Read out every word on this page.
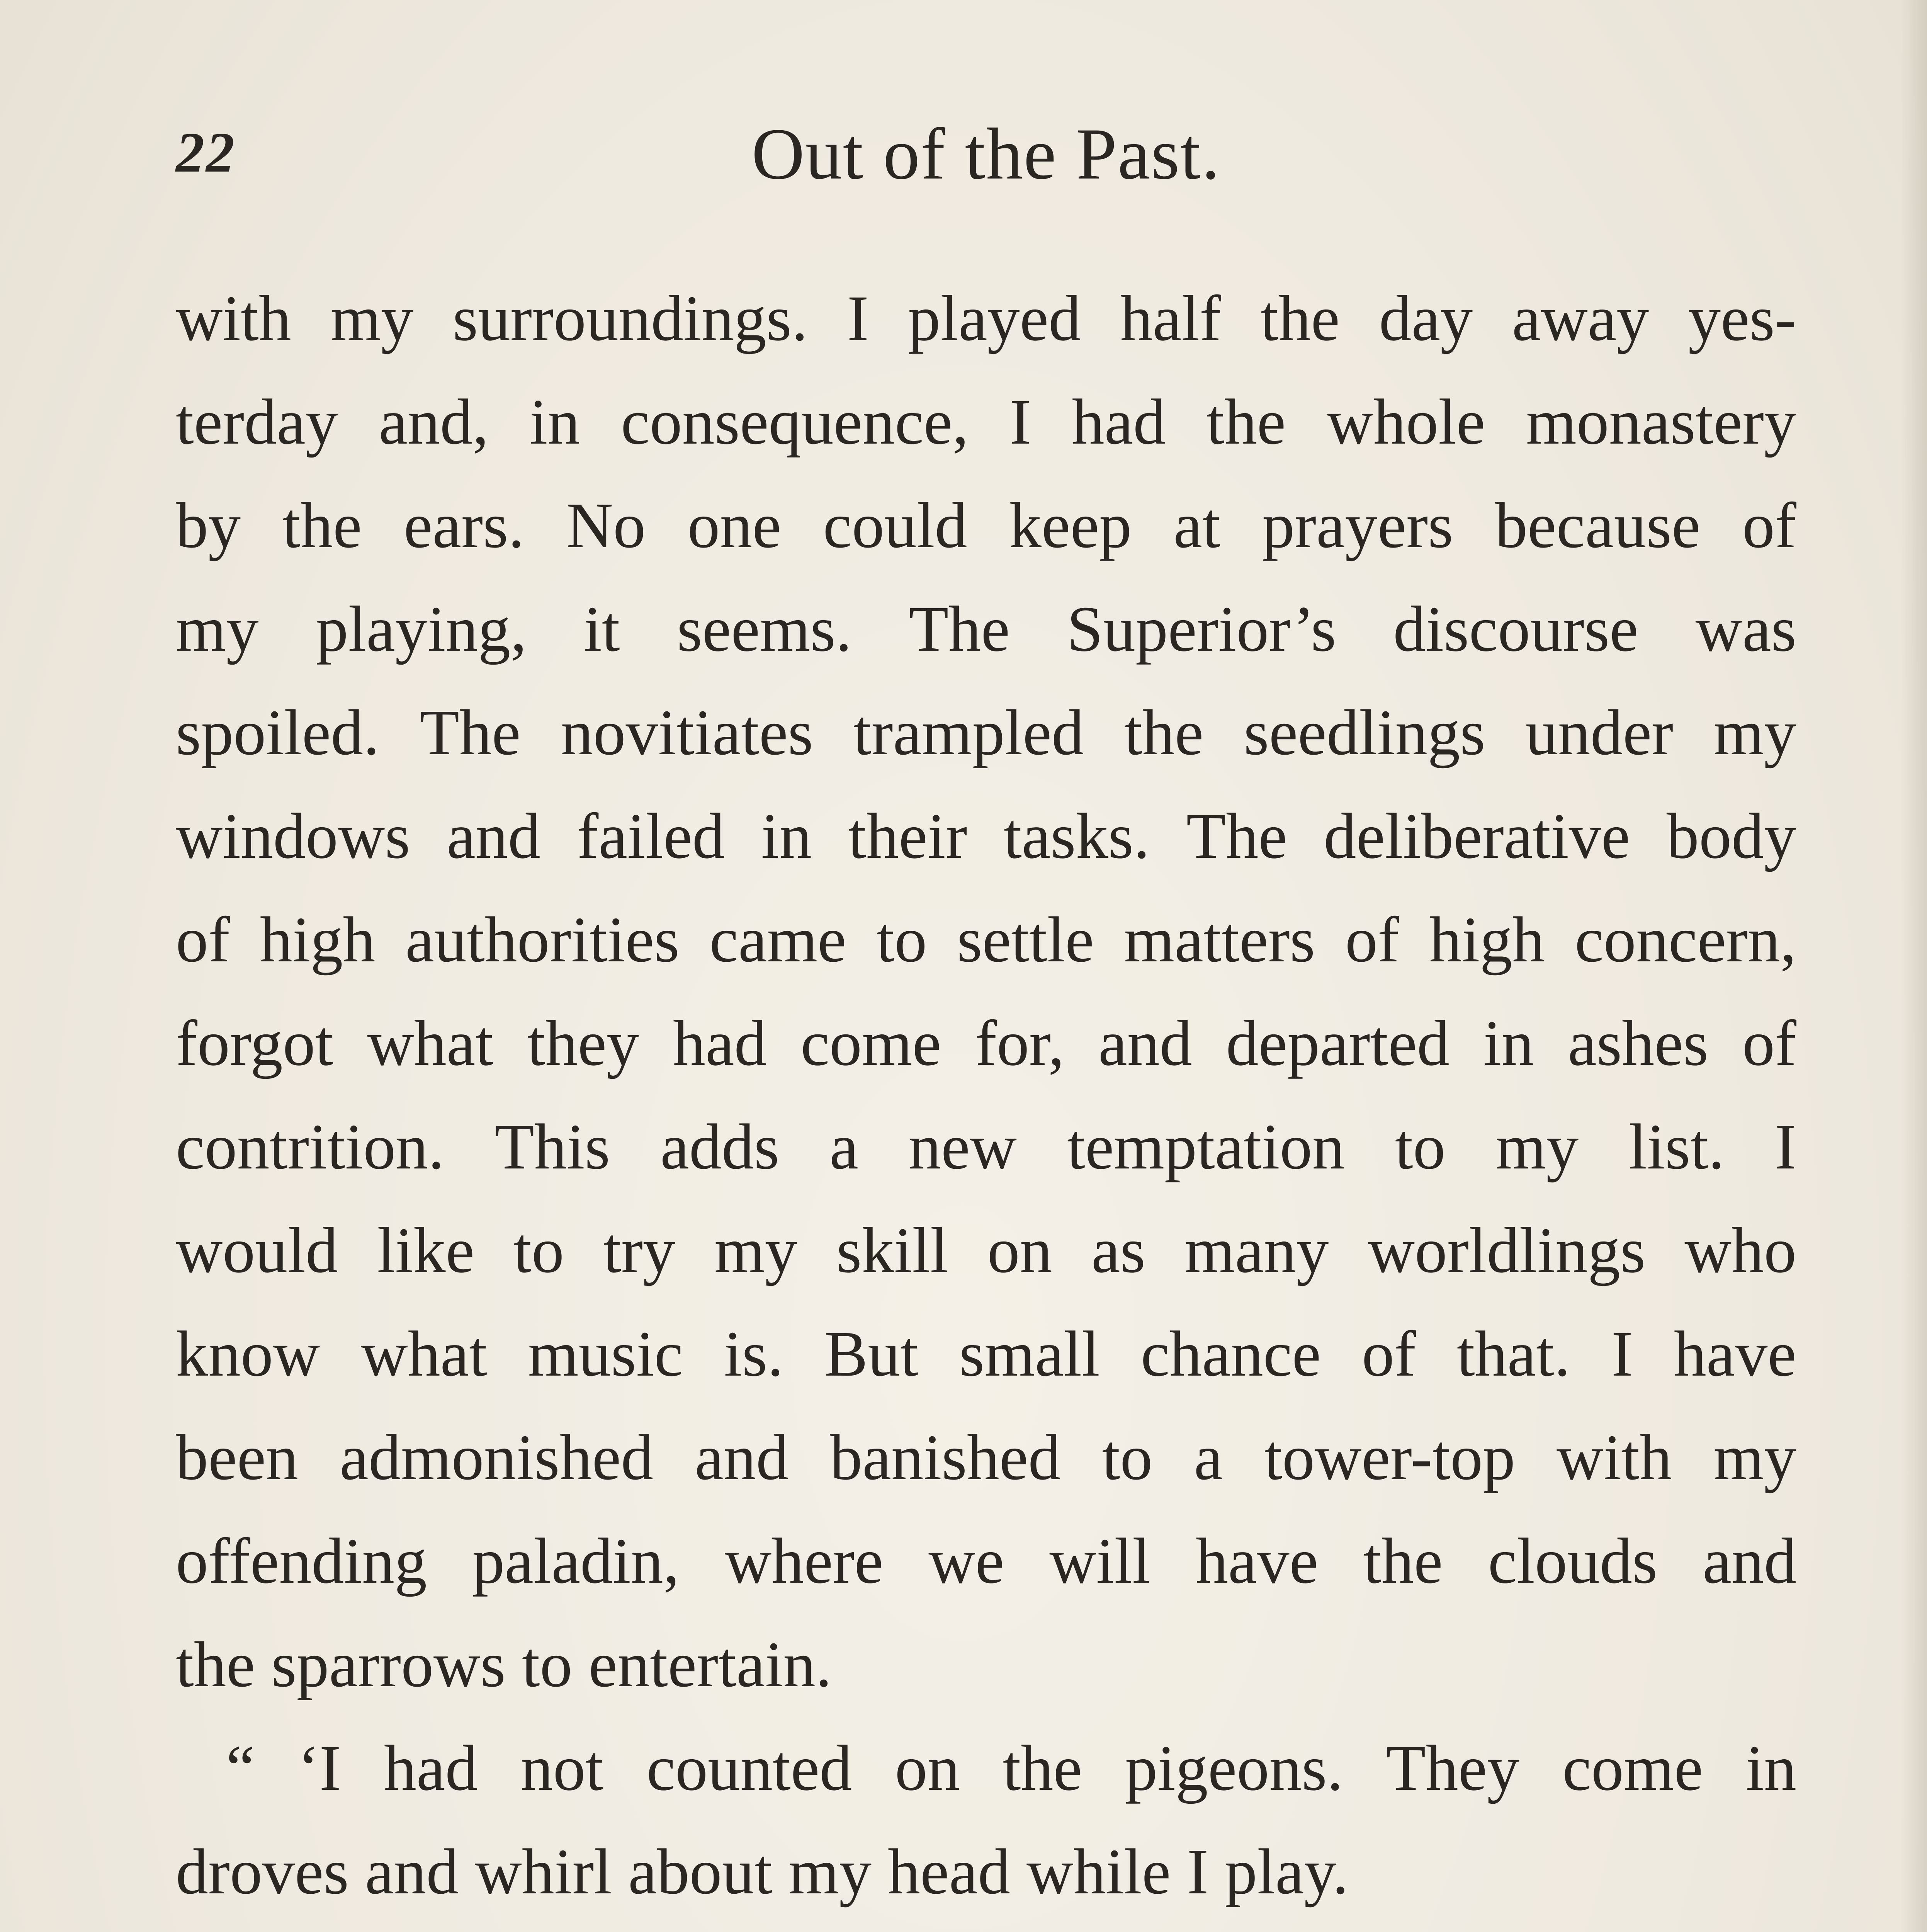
22	Out of the Past.
with my surroundings. I played half the day away yes-
terday and, in consequence, I had the whole monastery
by the ears. No one could keep at prayers because of
my playing, it seems. The Superior’s discourse was
spoiled. The novitiates trampled the seedlings under my
windows and failed in their tasks. The deliberative body
of high authorities came to settle matters of high concern,
forgot what they had come for, and departed in ashes of
contrition. This adds a new temptation to my list. I
would like to try my skill on as many worldlings who
know what music is. But small chance of that. I have
been admonished and banished to a tower-top with my
offending paladin, where we will have the clouds and
the sparrows to entertain.
“ ‘I had not counted on the pigeons. They come in
droves and whirl about my head while I play.
